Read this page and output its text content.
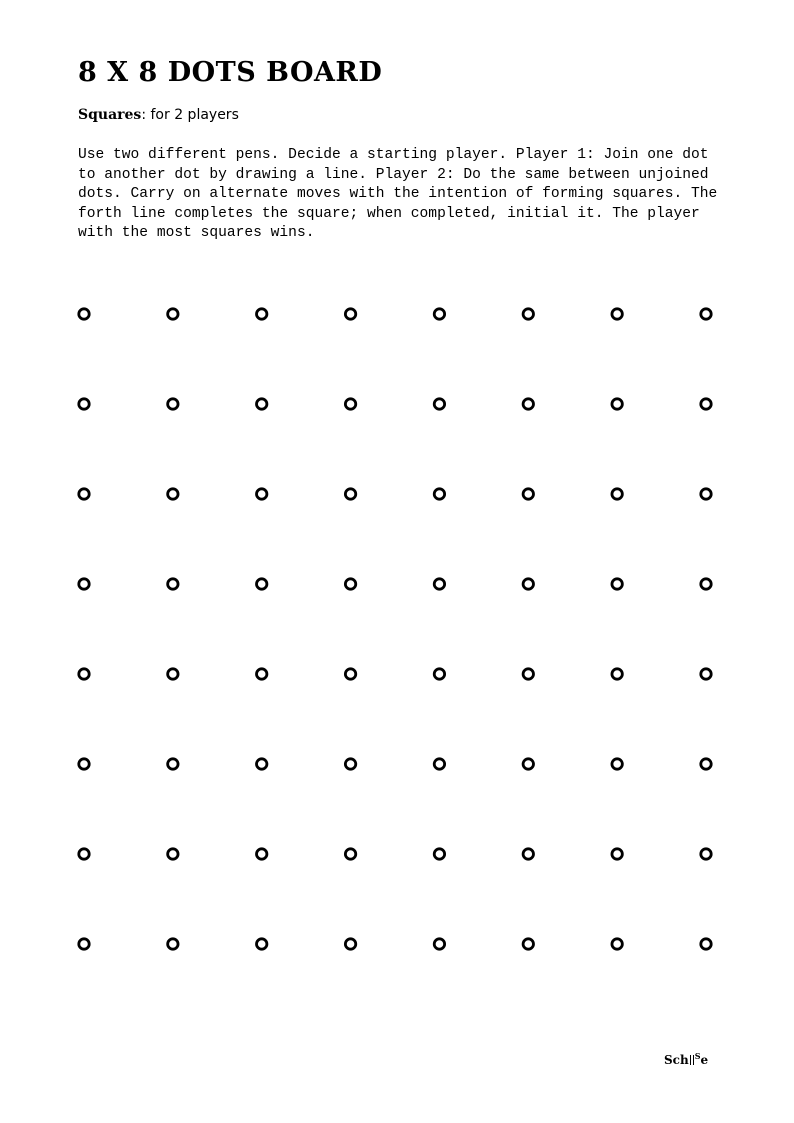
8 X 8 DOTS BOARD

Squares: for 2 players

Use two different pens. Decide a starting player. Player 1: Join one dot to another dot by drawing a line. Player 2: Do the same between unjoined dots. Carry on alternate moves with the intention of forming squares. The forth line completes the square; when completed, initial it. The player with the most squares wins.

Sch $^S$e
